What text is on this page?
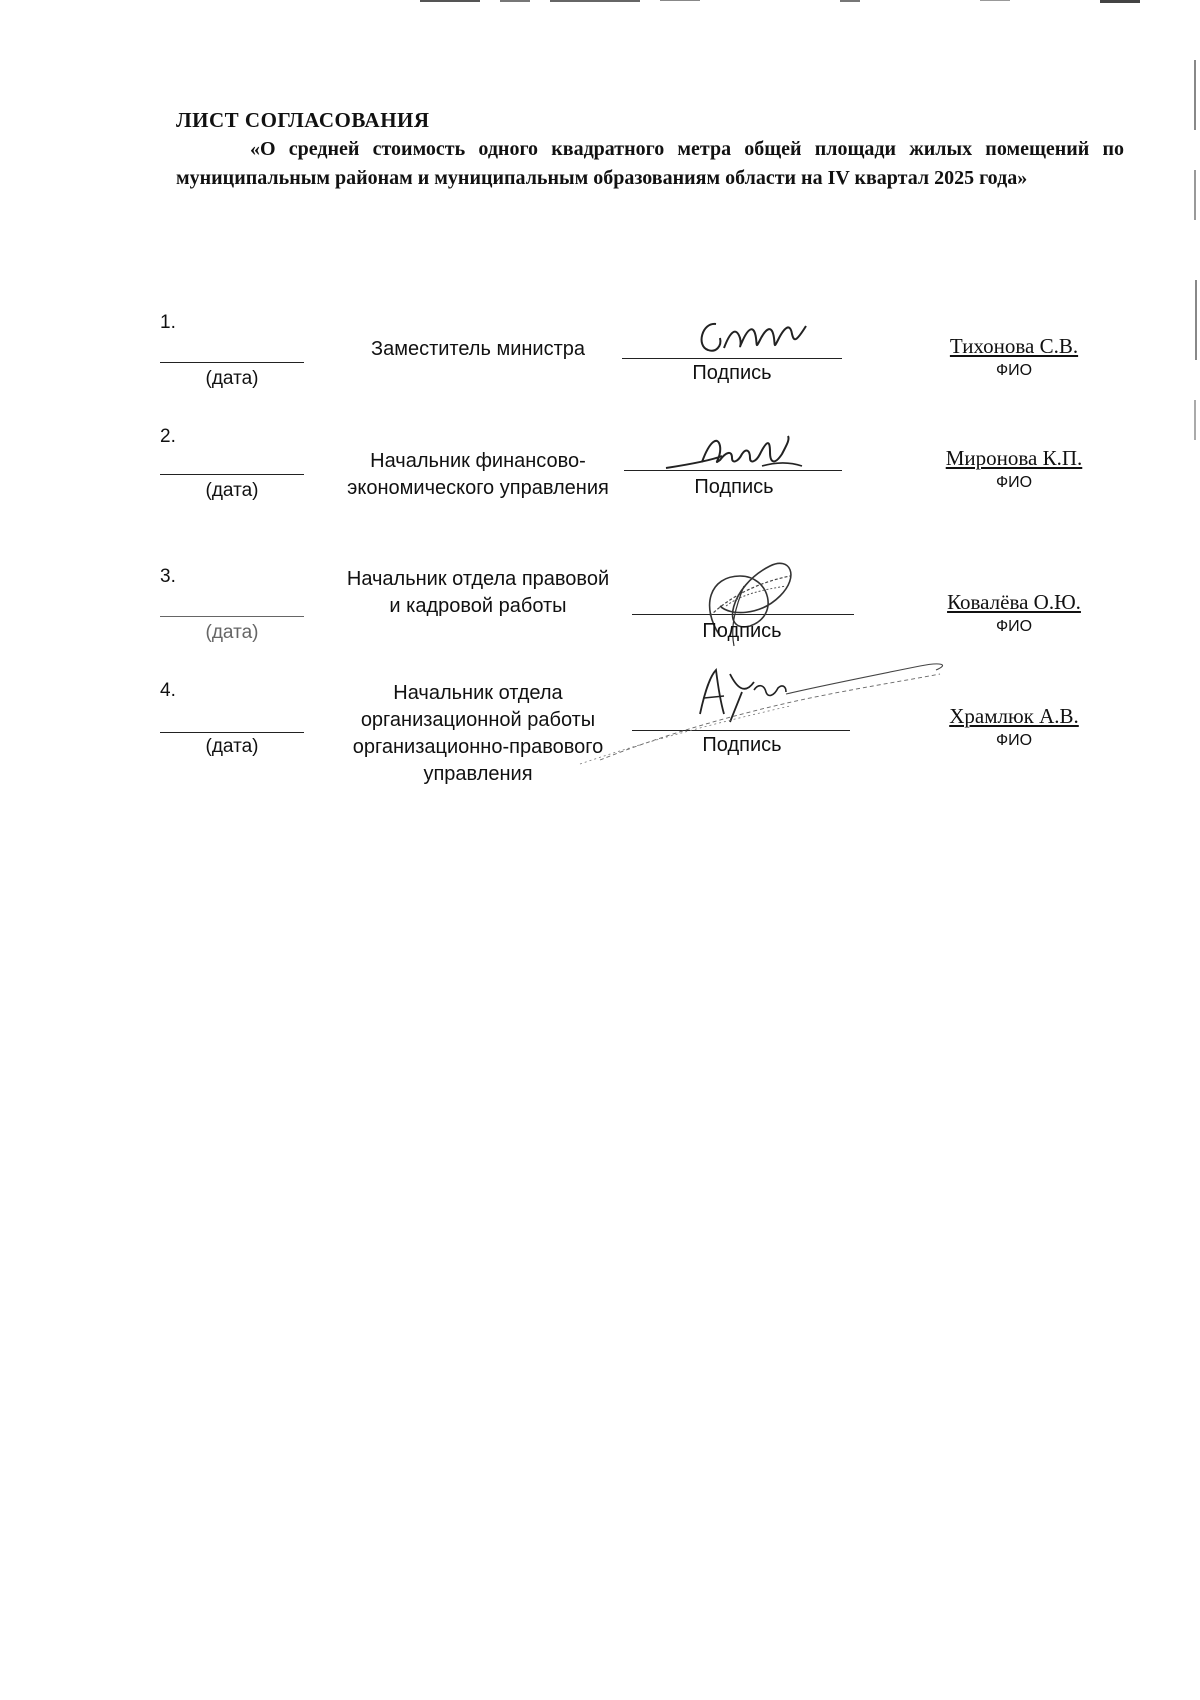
ЛИСТ СОГЛАСОВАНИЯ
«О средней стоимость одного квадратного метра общей площади жилых помещений по муниципальным районам и муниципальным образованиям области на IV квартал 2025 года»
1.
(дата)
Заместитель министра
Подпись
Тихонова С.В.
ФИО
2.
(дата)
Начальник финансово-экономического управления	Подпись
Миронова К.П.
ФИО
3.
(дата)
Начальник отдела правовой и кадровой работы
Подпись
Ковалёва О.Ю.
ФИО
4.
(дата)
Начальник отдела организационной работы организационно-правового управления
Подпись
Храмлюк А.В.
ФИО
